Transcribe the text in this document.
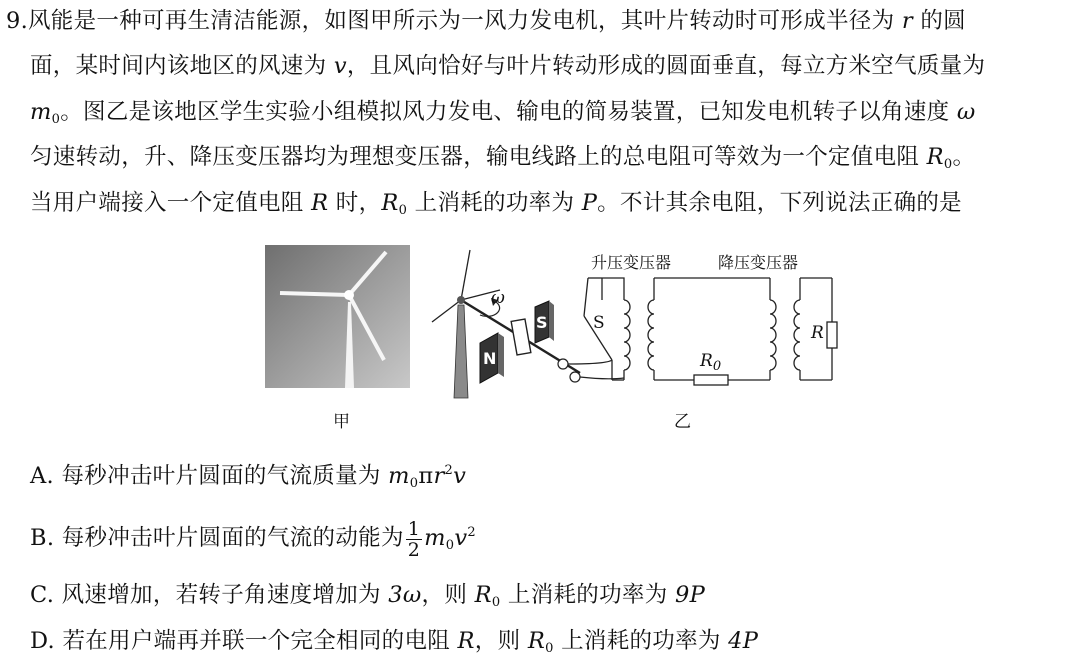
9. 风能是一种可再生清洁能源，如图甲所示为一风力发电机，其叶片转动时可形成半径为 r 的圆
面，某时间内该地区的风速为 v，且风向恰好与叶片转动形成的圆面垂直，每立方米空气质量为
$m_0$。图乙是该地区学生实验小组模拟风力发电、输电的简易装置，已知发电机转子以角速度 ω
匀速转动，升、降压变压器均为理想变压器，输电线路上的总电阻可等效为一个定值电阻 $R_0$。
当用户端接入一个定值电阻 R 时，$R_0$ 上消耗的功率为 P。不计其余电阻，下列说法正确的是
升压变压器	降压变压器
ω
N
S	S
$R_0$
R
甲	乙
A. 每秒冲击叶片圆面的气流质量为 $m_0\pi r^2v$
B. 每秒冲击叶片圆面的气流的动能为 $\frac{1}{2} m_0v^2$
C. 风速增加，若转子角速度增加为 3ω，则 $R_0$ 上消耗的功率为 9P
D. 若在用户端再并联一个完全相同的电阻 R，则 $R_0$ 上消耗的功率为 4P
